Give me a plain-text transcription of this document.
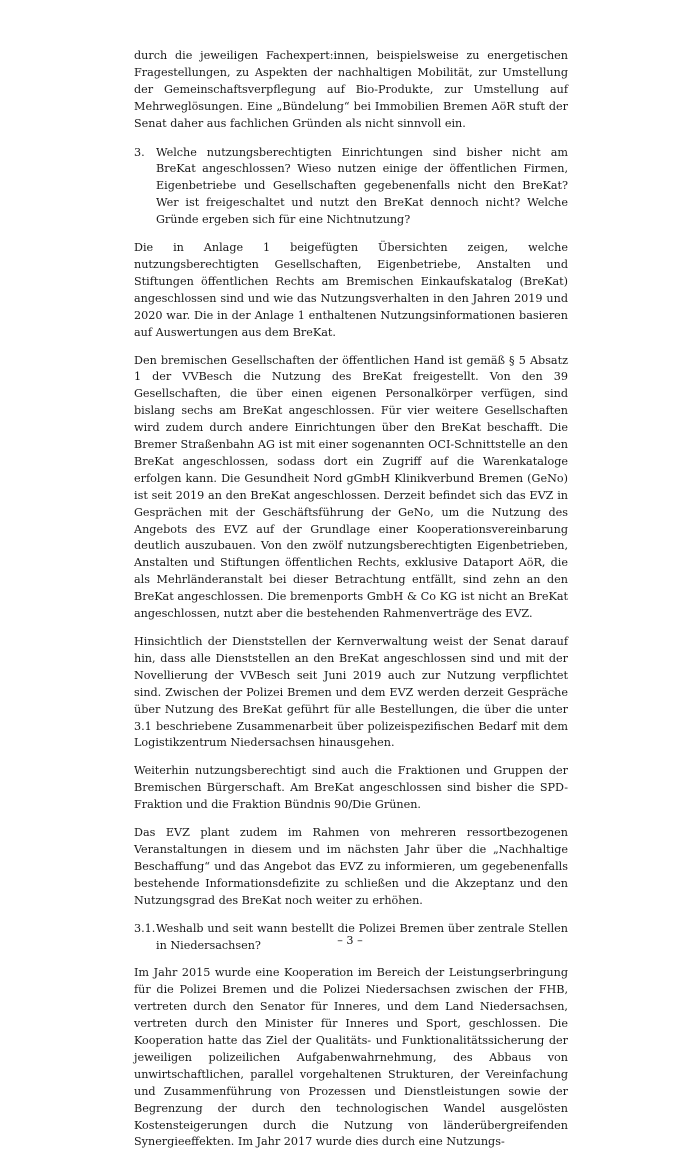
durch die jeweiligen Fachexpert:innen, beispielsweise zu energetischen Fragestellungen, zu Aspekten der nachhaltigen Mobilität, zur Umstellung der Gemeinschaftsverpflegung auf Bio-Produkte, zur Umstellung auf Mehrweglösungen. Eine „Bündelung“ bei Immobilien Bremen AöR stuft der Senat daher aus fachlichen Gründen als nicht sinnvoll ein.

3.	Welche nutzungsberechtigten Einrichtungen sind bisher nicht am BreKat angeschlossen? Wieso nutzen einige der öffentlichen Firmen, Eigenbetriebe und Gesellschaften gegebenenfalls nicht den BreKat? Wer ist freigeschaltet und nutzt den BreKat dennoch nicht? Welche Gründe ergeben sich für eine Nichtnutzung?

Die in Anlage 1 beigefügten Übersichten zeigen, welche nutzungsberechtigten Gesellschaften, Eigenbetriebe, Anstalten und Stiftungen öffentlichen Rechts am Bremischen Einkaufskatalog (BreKat) angeschlossen sind und wie das Nutzungsverhalten in den Jahren 2019 und 2020 war. Die in der Anlage 1 enthaltenen Nutzungsinformationen basieren auf Auswertungen aus dem BreKat.

Den bremischen Gesellschaften der öffentlichen Hand ist gemäß § 5 Absatz 1 der VVBesch die Nutzung des BreKat freigestellt. Von den 39 Gesellschaften, die über einen eigenen Personalkörper verfügen, sind bislang sechs am BreKat angeschlossen. Für vier weitere Gesellschaften wird zudem durch andere Einrichtungen über den BreKat beschafft. Die Bremer Straßenbahn AG ist mit einer sogenannten OCI-Schnittstelle an den BreKat angeschlossen, sodass dort ein Zugriff auf die Warenkataloge erfolgen kann. Die Gesundheit Nord gGmbH Klinikverbund Bremen (GeNo) ist seit 2019 an den BreKat angeschlossen. Derzeit befindet sich das EVZ in Gesprächen mit der Geschäftsführung der GeNo, um die Nutzung des Angebots des EVZ auf der Grundlage einer Kooperationsvereinbarung deutlich auszubauen. Von den zwölf nutzungsberechtigten Eigenbetrieben, Anstalten und Stiftungen öffentlichen Rechts, exklusive Dataport AöR, die als Mehrländeranstalt bei dieser Betrachtung entfällt, sind zehn an den BreKat angeschlossen. Die bremenports GmbH & Co KG ist nicht an BreKat angeschlossen, nutzt aber die bestehenden Rahmenverträge des EVZ.

Hinsichtlich der Dienststellen der Kernverwaltung weist der Senat darauf hin, dass alle Dienststellen an den BreKat angeschlossen sind und mit der Novellierung der VVBesch seit Juni 2019 auch zur Nutzung verpflichtet sind. Zwischen der Polizei Bremen und dem EVZ werden derzeit Gespräche über Nutzung des BreKat geführt für alle Bestellungen, die über die unter 3.1 beschriebene Zusammenarbeit über polizeispezifischen Bedarf mit dem Logistikzentrum Niedersachsen hinausgehen.

Weiterhin nutzungsberechtigt sind auch die Fraktionen und Gruppen der Bremischen Bürgerschaft. Am BreKat angeschlossen sind bisher die SPD-Fraktion und die Fraktion Bündnis 90/Die Grünen.

Das EVZ plant zudem im Rahmen von mehreren ressortbezogenen Veranstaltungen in diesem und im nächsten Jahr über die „Nachhaltige Beschaffung“ und das Angebot das EVZ zu informieren, um gegebenenfalls bestehende Informationsdefizite zu schließen und die Akzeptanz und den Nutzungsgrad des BreKat noch weiter zu erhöhen.

3.1. Weshalb und seit wann bestellt die Polizei Bremen über zentrale Stellen in Niedersachsen?

Im Jahr 2015 wurde eine Kooperation im Bereich der Leistungserbringung für die Polizei Bremen und die Polizei Niedersachsen zwischen der FHB, vertreten durch den Senator für Inneres, und dem Land Niedersachsen, vertreten durch den Minister für Inneres und Sport, geschlossen. Die Kooperation hatte das Ziel der Qualitäts- und Funktionalitätssicherung der jeweiligen polizeilichen Aufgabenwahrnehmung, des Abbaus von unwirtschaftlichen, parallel vorgehaltenen Strukturen, der Vereinfachung und Zusammenführung von Prozessen und Dienstleistungen sowie der Begrenzung der durch den technologischen Wandel ausgelösten Kostensteigerungen durch die Nutzung von länderübergreifenden Synergieeffekten. Im Jahr 2017 wurde dies durch eine Nutzungs-

– 3 –
